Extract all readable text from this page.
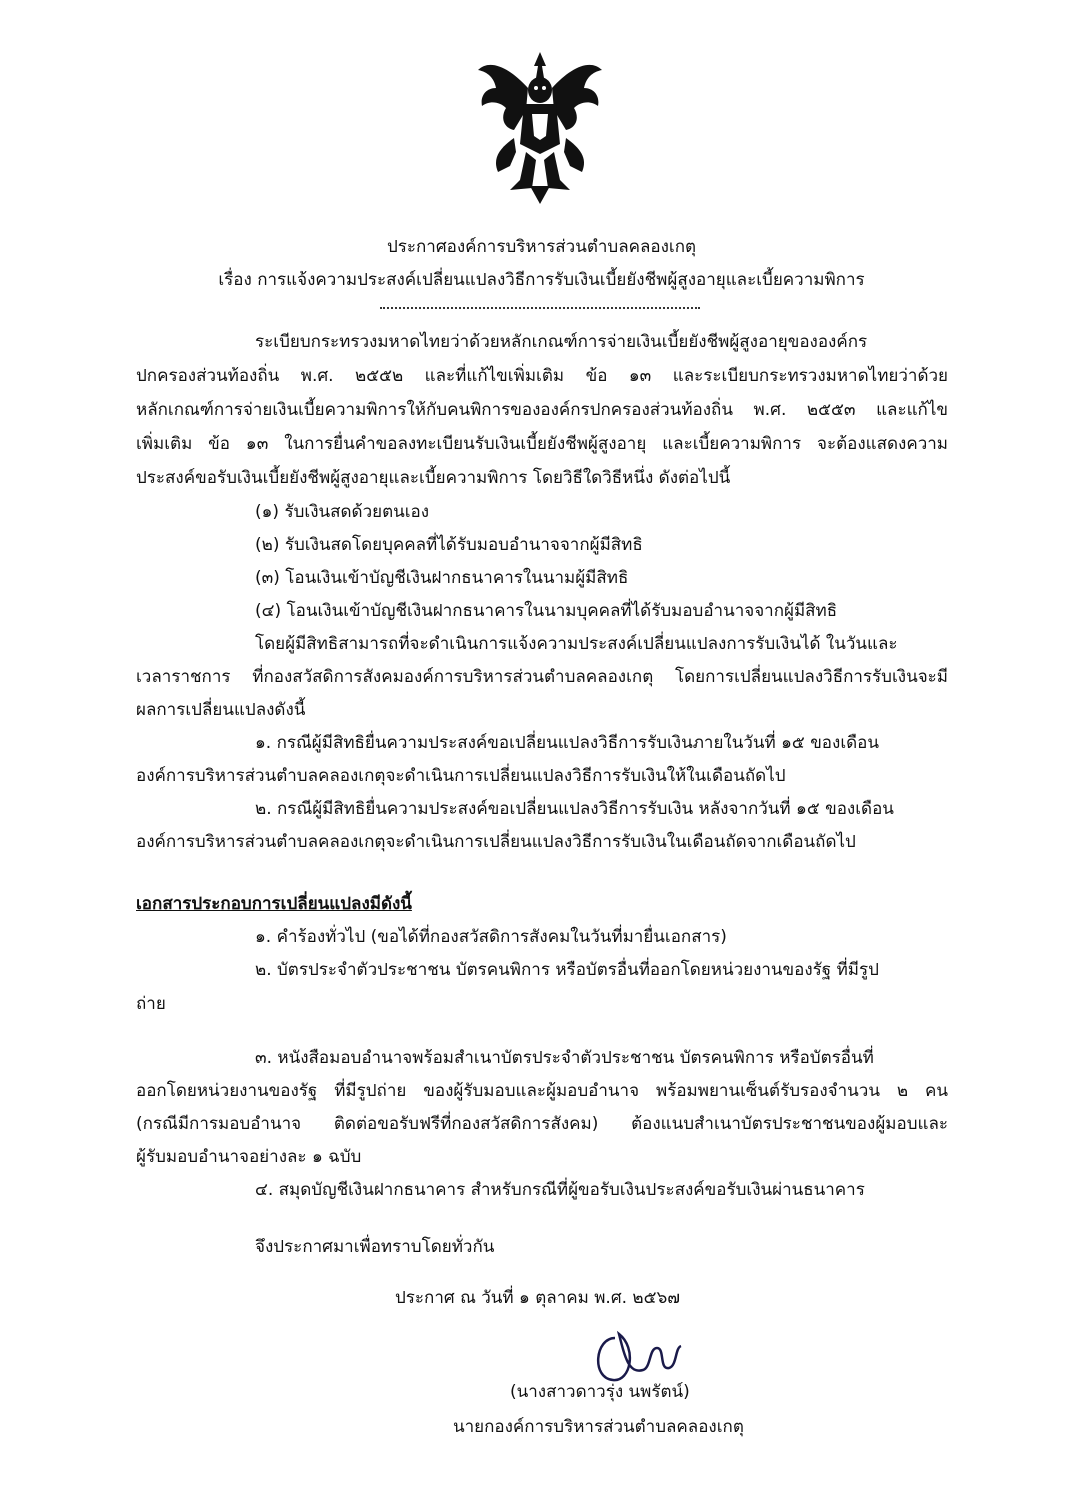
ประกาศองค์การบริหารส่วนตำบลคลองเกตุ
เรื่อง การแจ้งความประสงค์เปลี่ยนแปลงวิธีการรับเงินเบี้ยยังชีพผู้สูงอายุและเบี้ยความพิการ
ระเบียบกระทรวงมหาดไทยว่าด้วยหลักเกณฑ์การจ่ายเงินเบี้ยยังชีพผู้สูงอายุขององค์กร
ปกครองส่วนท้องถิ่น พ.ศ. ๒๕๕๒ และที่แก้ไขเพิ่มเติม ข้อ ๑๓ และระเบียบกระทรวงมหาดไทยว่าด้วย
หลักเกณฑ์การจ่ายเงินเบี้ยความพิการให้กับคนพิการขององค์กรปกครองส่วนท้องถิ่น พ.ศ. ๒๕๕๓ และแก้ไข
เพิ่มเติม ข้อ ๑๓ ในการยื่นคำขอลงทะเบียนรับเงินเบี้ยยังชีพผู้สูงอายุ และเบี้ยความพิการ จะต้องแสดงความ
ประสงค์ขอรับเงินเบี้ยยังชีพผู้สูงอายุและเบี้ยความพิการ โดยวิธีใดวิธีหนึ่ง ดังต่อไปนี้
(๑) รับเงินสดด้วยตนเอง
(๒) รับเงินสดโดยบุคคลที่ได้รับมอบอำนาจจากผู้มีสิทธิ
(๓) โอนเงินเข้าบัญชีเงินฝากธนาคารในนามผู้มีสิทธิ
(๔) โอนเงินเข้าบัญชีเงินฝากธนาคารในนามบุคคลที่ได้รับมอบอำนาจจากผู้มีสิทธิ
โดยผู้มีสิทธิสามารถที่จะดำเนินการแจ้งความประสงค์เปลี่ยนแปลงการรับเงินได้ ในวันและ
เวลาราชการ ที่กองสวัสดิการสังคมองค์การบริหารส่วนตำบลคลองเกตุ โดยการเปลี่ยนแปลงวิธีการรับเงินจะมี
ผลการเปลี่ยนแปลงดังนี้
๑. กรณีผู้มีสิทธิยื่นความประสงค์ขอเปลี่ยนแปลงวิธีการรับเงินภายในวันที่ ๑๕ ของเดือน
องค์การบริหารส่วนตำบลคลองเกตุจะดำเนินการเปลี่ยนแปลงวิธีการรับเงินให้ในเดือนถัดไป
๒. กรณีผู้มีสิทธิยื่นความประสงค์ขอเปลี่ยนแปลงวิธีการรับเงิน หลังจากวันที่ ๑๕ ของเดือน
องค์การบริหารส่วนตำบลคลองเกตุจะดำเนินการเปลี่ยนแปลงวิธีการรับเงินในเดือนถัดจากเดือนถัดไป
เอกสารประกอบการเปลี่ยนแปลงมีดังนี้
๑. คำร้องทั่วไป (ขอได้ที่กองสวัสดิการสังคมในวันที่มายื่นเอกสาร)
๒. บัตรประจำตัวประชาชน บัตรคนพิการ หรือบัตรอื่นที่ออกโดยหน่วยงานของรัฐ ที่มีรูป
ถ่าย
๓. หนังสือมอบอำนาจพร้อมสำเนาบัตรประจำตัวประชาชน บัตรคนพิการ หรือบัตรอื่นที่
ออกโดยหน่วยงานของรัฐ ที่มีรูปถ่าย ของผู้รับมอบและผู้มอบอำนาจ พร้อมพยานเซ็นต์รับรองจำนวน ๒ คน
(กรณีมีการมอบอำนาจ ติดต่อขอรับฟรีที่กองสวัสดิการสังคม) ต้องแนบสำเนาบัตรประชาชนของผู้มอบและ
ผู้รับมอบอำนาจอย่างละ ๑ ฉบับ
๔. สมุดบัญชีเงินฝากธนาคาร สำหรับกรณีที่ผู้ขอรับเงินประสงค์ขอรับเงินผ่านธนาคาร
จึงประกาศมาเพื่อทราบโดยทั่วกัน
ประกาศ ณ วันที่ ๑ ตุลาคม พ.ศ. ๒๕๖๗
(นางสาวดาวรุ่ง นพรัตน์)
นายกองค์การบริหารส่วนตำบลคลองเกตุ
